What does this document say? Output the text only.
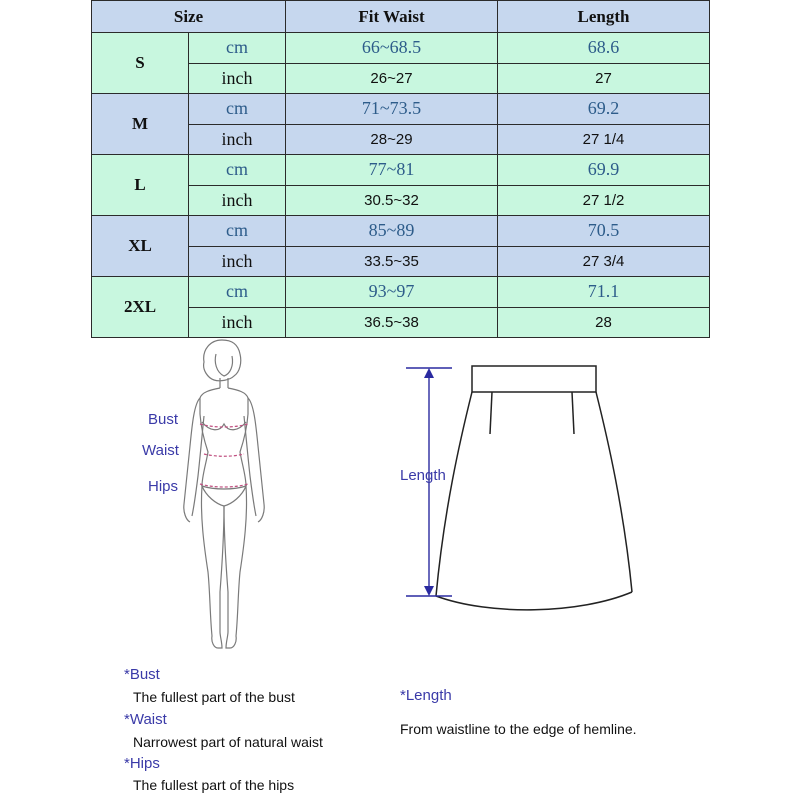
Size		Fit Waist	Length
S	cm	66~68.5	68.6
	inch	26~27	27
M	cm	71~73.5	69.2
	inch	28~29	27 1/4
L	cm	77~81	69.9
	inch	30.5~32	27 1/2
XL	cm	85~89	70.5
	inch	33.5~35	27 3/4
2XL	cm	93~97	71.1
	inch	36.5~38	28

Bust

Waist

Hips

Length

*Bust

The fullest part of the bust

*Waist

Narrowest part of natural waist

*Hips

The fullest part of the hips

*Length

From waistline to the edge of hemline.
